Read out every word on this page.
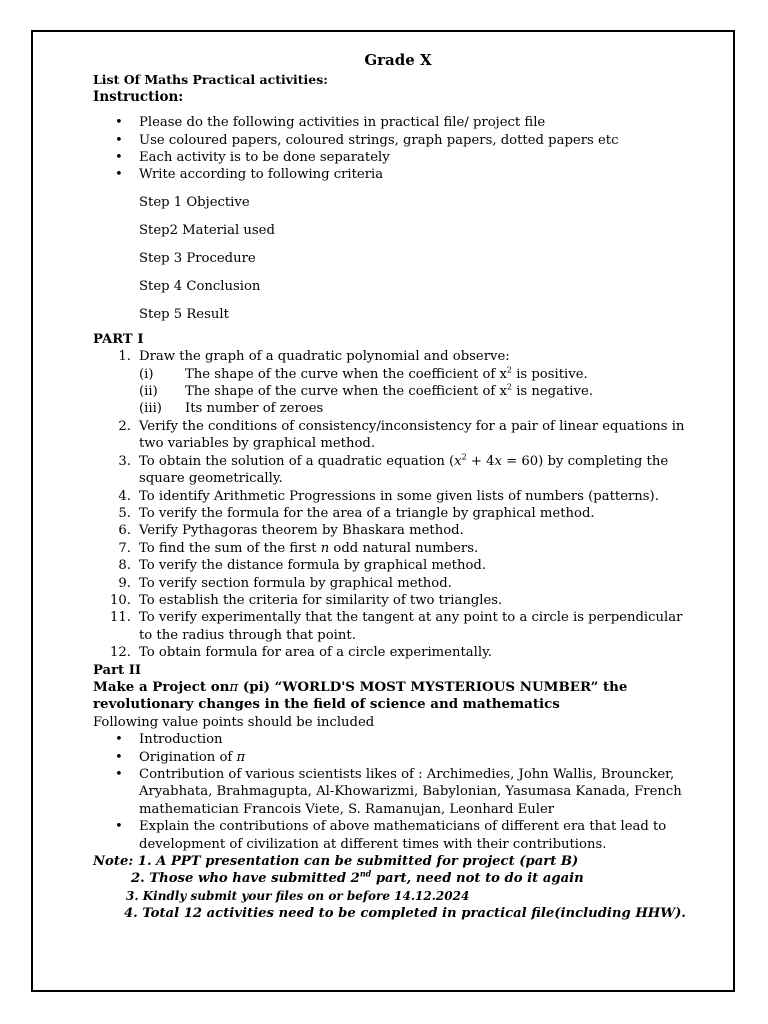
Grade X
List Of Maths Practical activities:
Instruction:
• Please do the following activities in practical file/ project file
• Use coloured papers, coloured strings, graph papers, dotted papers etc
• Each activity is to be done separately
• Write according to following criteria
Step 1 Objective
Step2 Material used
Step 3 Procedure
Step 4 Conclusion
Step 5 Result
PART I
1. Draw the graph of a quadratic polynomial and observe:
(i) The shape of the curve when the coefficient of $x^2$ is positive.
(ii) The shape of the curve when the coefficient of $x^2$ is negative.
(iii) Its number of zeroes
2. Verify the conditions of consistency/inconsistency for a pair of linear equations in two variables by graphical method.
3. To obtain the solution of a quadratic equation $(x^2 + 4x = 60)$ by completing the square geometrically.
4. To identify Arithmetic Progressions in some given lists of numbers (patterns).
5. To verify the formula for the area of a triangle by graphical method.
6. Verify Pythagoras theorem by Bhaskara method.
7. To find the sum of the first n odd natural numbers.
8. To verify the distance formula by graphical method.
9. To verify section formula by graphical method.
10. To establish the criteria for similarity of two triangles.
11. To verify experimentally that the tangent at any point to a circle is perpendicular to the radius through that point.
12. To obtain formula for area of a circle experimentally.
Part II
Make a Project onπ (pi) “WORLD'S MOST MYSTERIOUS NUMBER” the revolutionary changes in the field of science and mathematics
Following value points should be included
• Introduction
• Origination of π
• Contribution of various scientists likes of : Archimedies, John Wallis, Brouncker, Aryabhata, Brahmagupta, Al-Khowarizmi, Babylonian, Yasumasa Kanada, French mathematician Francois Viete, S. Ramanujan, Leonhard Euler
• Explain the contributions of above mathematicians of different era that lead to development of civilization at different times with their contributions.
Note: 1. A PPT presentation can be submitted for project (part B)
2. Those who have submitted 2nd part, need not to do it again
3. Kindly submit your files on or before 14.12.2024
4. Total 12 activities need to be completed in practical file(including HHW).
